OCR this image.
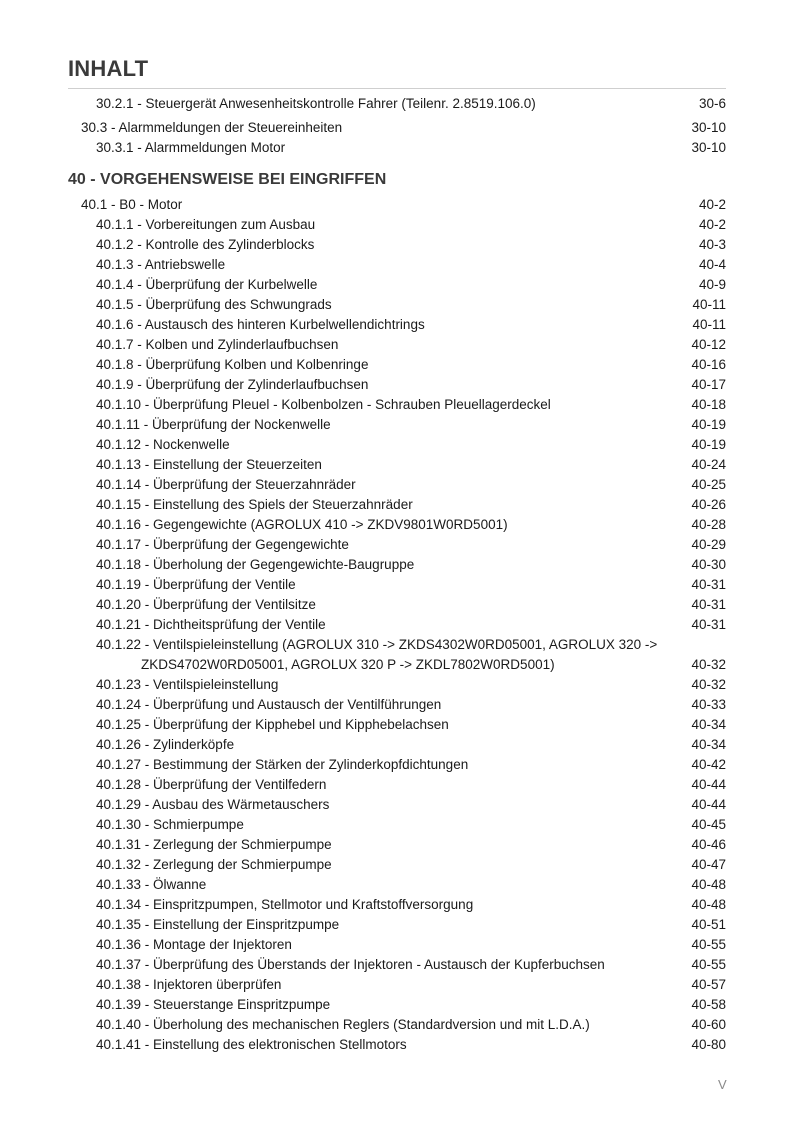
INHALT
30.2.1 - Steuergerät Anwesenheitskontrolle Fahrer (Teilenr. 2.8519.106.0)	30-6
30.3 - Alarmmeldungen der Steuereinheiten	30-10
30.3.1 - Alarmmeldungen Motor	30-10
40 - VORGEHENSWEISE BEI EINGRIFFEN
40.1 - B0 - Motor	40-2
40.1.1 - Vorbereitungen zum Ausbau	40-2
40.1.2 - Kontrolle des Zylinderblocks	40-3
40.1.3 - Antriebswelle	40-4
40.1.4 - Überprüfung der Kurbelwelle	40-9
40.1.5 - Überprüfung des Schwungrads	40-11
40.1.6 - Austausch des hinteren Kurbelwellendichtrings	40-11
40.1.7 - Kolben und Zylinderlaufbuchsen	40-12
40.1.8 - Überprüfung Kolben und Kolbenringe	40-16
40.1.9 - Überprüfung der Zylinderlaufbuchsen	40-17
40.1.10 - Überprüfung Pleuel - Kolbenbolzen - Schrauben Pleuellagerdeckel	40-18
40.1.11 - Überprüfung der Nockenwelle	40-19
40.1.12 - Nockenwelle	40-19
40.1.13 - Einstellung der Steuerzeiten	40-24
40.1.14 - Überprüfung der Steuerzahnräder	40-25
40.1.15 - Einstellung des Spiels der Steuerzahnräder	40-26
40.1.16 - Gegengewichte (AGROLUX 410 -> ZKDV9801W0RD5001)	40-28
40.1.17 - Überprüfung der Gegengewichte	40-29
40.1.18 - Überholung der Gegengewichte-Baugruppe	40-30
40.1.19 - Überprüfung der Ventile	40-31
40.1.20 - Überprüfung der Ventilsitze	40-31
40.1.21 - Dichtheitsprüfung der Ventile	40-31
40.1.22 - Ventilspieleinstellung (AGROLUX 310 -> ZKDS4302W0RD05001, AGROLUX 320 ->
ZKDS4702W0RD05001, AGROLUX 320 P -> ZKDL7802W0RD5001)	40-32
40.1.23 - Ventilspieleinstellung	40-32
40.1.24 - Überprüfung und Austausch der Ventilführungen	40-33
40.1.25 - Überprüfung der Kipphebel und Kipphebelachsen	40-34
40.1.26 - Zylinderköpfe	40-34
40.1.27 - Bestimmung der Stärken der Zylinderkopfdichtungen	40-42
40.1.28 - Überprüfung der Ventilfedern	40-44
40.1.29 - Ausbau des Wärmetauschers	40-44
40.1.30 - Schmierpumpe	40-45
40.1.31 - Zerlegung der Schmierpumpe	40-46
40.1.32 - Zerlegung der Schmierpumpe	40-47
40.1.33 - Ölwanne	40-48
40.1.34 - Einspritzpumpen, Stellmotor und Kraftstoffversorgung	40-48
40.1.35 - Einstellung der Einspritzpumpe	40-51
40.1.36 - Montage der Injektoren	40-55
40.1.37 - Überprüfung des Überstands der Injektoren - Austausch der Kupferbuchsen	40-55
40.1.38 - Injektoren überprüfen	40-57
40.1.39 - Steuerstange Einspritzpumpe	40-58
40.1.40 - Überholung des mechanischen Reglers (Standardversion und mit L.D.A.)	40-60
40.1.41 - Einstellung des elektronischen Stellmotors	40-80
V
